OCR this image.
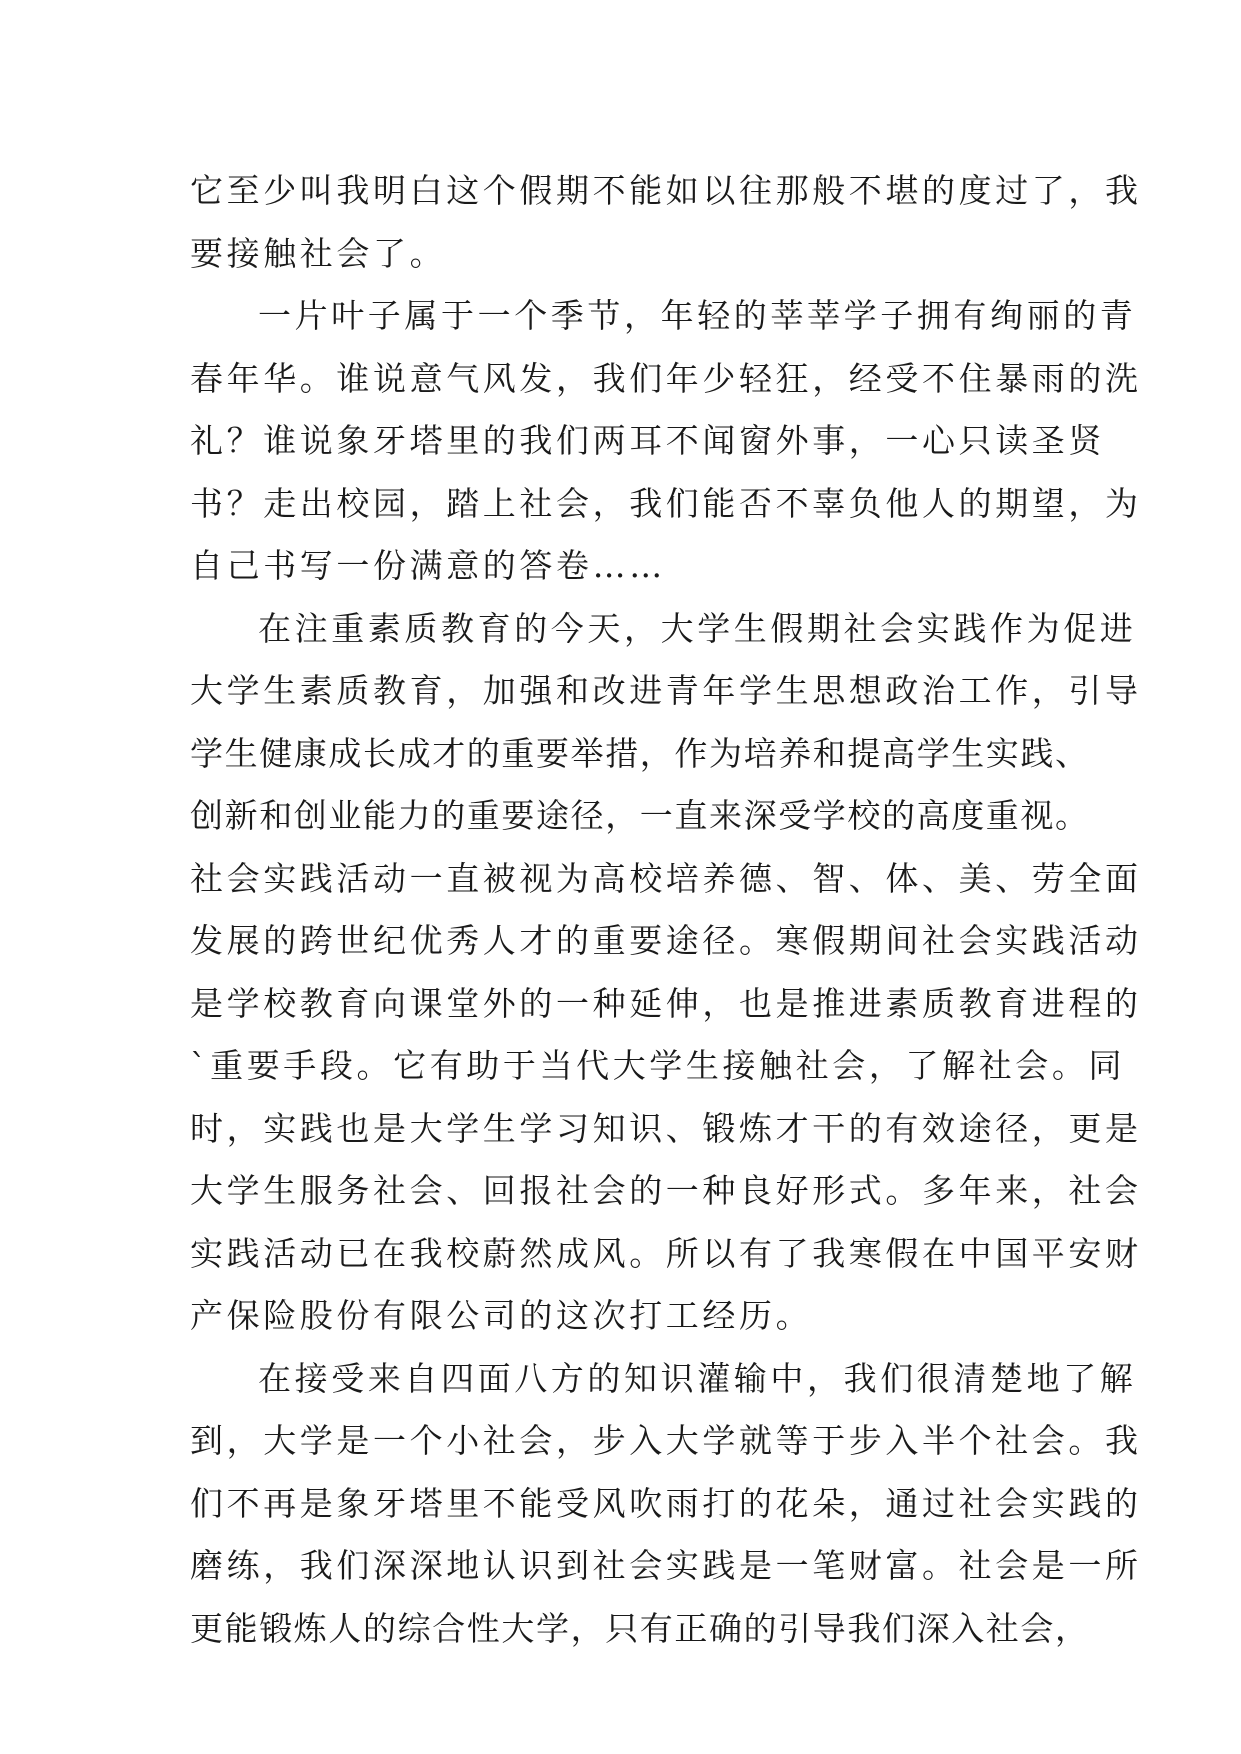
它至少叫我明白这个假期不能如以往那般不堪的度过了，我
要接触社会了。
一片叶子属于一个季节，年轻的莘莘学子拥有绚丽的青
春年华。谁说意气风发，我们年少轻狂，经受不住暴雨的洗
礼？谁说象牙塔里的我们两耳不闻窗外事，一心只读圣贤
书？走出校园，踏上社会，我们能否不辜负他人的期望，为
自己书写一份满意的答卷……
在注重素质教育的今天，大学生假期社会实践作为促进
大学生素质教育，加强和改进青年学生思想政治工作，引导
学生健康成长成才的重要举措，作为培养和提高学生实践、
创新和创业能力的重要途径，一直来深受学校的高度重视。
社会实践活动一直被视为高校培养德、智、体、美、劳全面
发展的跨世纪优秀人才的重要途径。寒假期间社会实践活动
是学校教育向课堂外的一种延伸，也是推进素质教育进程的
`重要手段。它有助于当代大学生接触社会，了解社会。同
时，实践也是大学生学习知识、锻炼才干的有效途径，更是
大学生服务社会、回报社会的一种良好形式。多年来，社会
实践活动已在我校蔚然成风。所以有了我寒假在中国平安财
产保险股份有限公司的这次打工经历。
在接受来自四面八方的知识灌输中，我们很清楚地了解
到，大学是一个小社会，步入大学就等于步入半个社会。我
们不再是象牙塔里不能受风吹雨打的花朵，通过社会实践的
磨练，我们深深地认识到社会实践是一笔财富。社会是一所
更能锻炼人的综合性大学，只有正确的引导我们深入社会，
